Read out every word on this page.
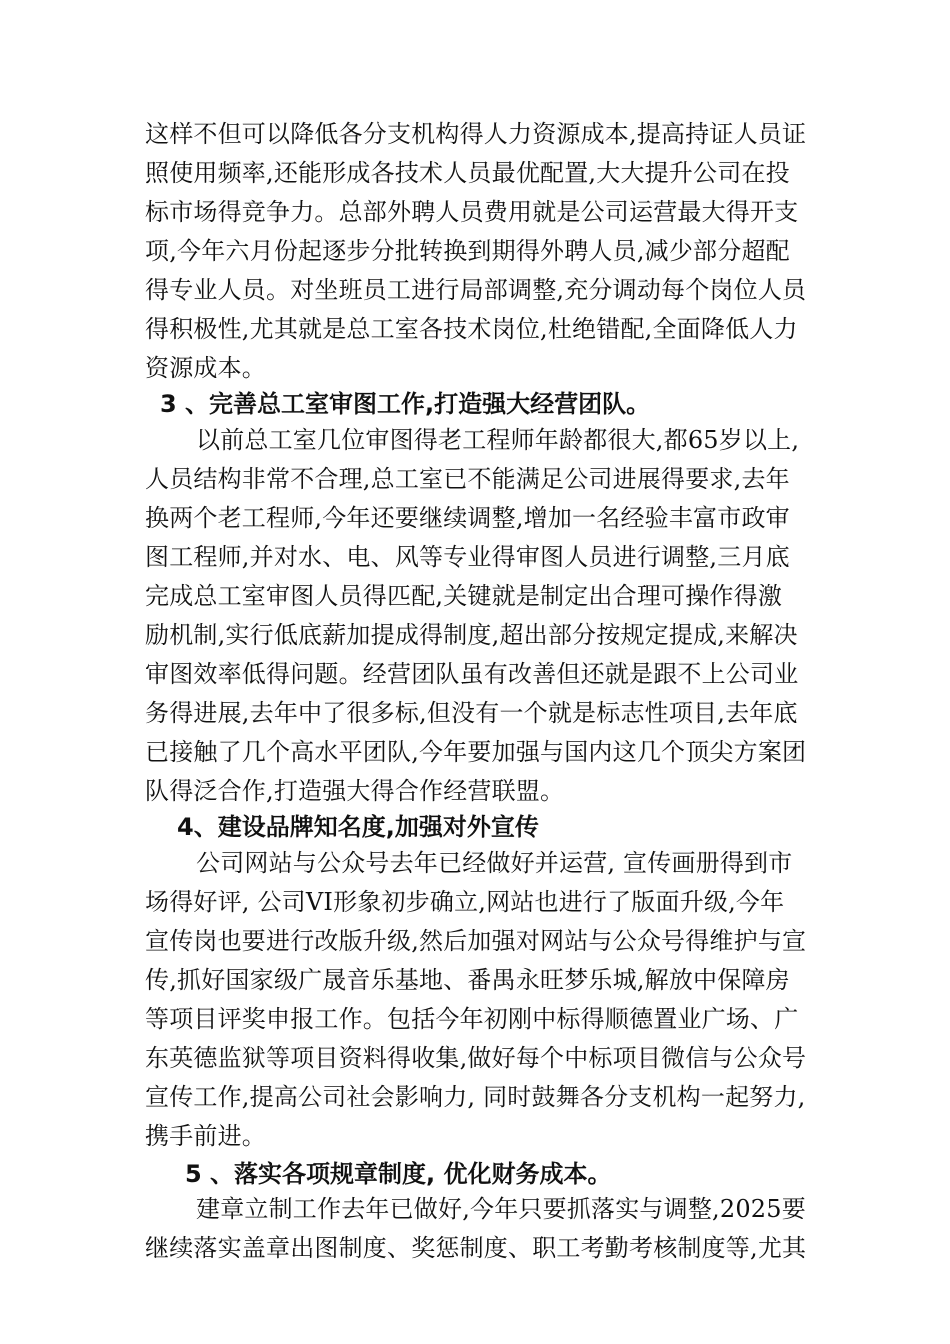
这样不但可以降低各分支机构得人力资源成本,提高持证人员证
照使用频率,还能形成各技术人员最优配置,大大提升公司在投
标市场得竞争力。总部外聘人员费用就是公司运营最大得开支
项,今年六月份起逐步分批转换到期得外聘人员,减少部分超配
得专业人员。对坐班员工进行局部调整,充分调动每个岗位人员
得积极性,尤其就是总工室各技术岗位,杜绝错配,全面降低人力
资源成本。
3 、完善总工室审图工作,打造强大经营团队。
以前总工室几位审图得老工程师年龄都很大,都65岁以上,
人员结构非常不合理,总工室已不能满足公司进展得要求,去年
换两个老工程师,今年还要继续调整,增加一名经验丰富市政审
图工程师,并对水、电、风等专业得审图人员进行调整,三月底
完成总工室审图人员得匹配,关键就是制定出合理可操作得激
励机制,实行低底薪加提成得制度,超出部分按规定提成,来解决
审图效率低得问题。经营团队虽有改善但还就是跟不上公司业
务得进展,去年中了很多标,但没有一个就是标志性项目,去年底
已接触了几个高水平团队,今年要加强与国内这几个顶尖方案团
队得泛合作,打造强大得合作经营联盟。
4、建设品牌知名度,加强对外宣传
公司网站与公众号去年已经做好并运营, 宣传画册得到市
场得好评, 公司VI形象初步确立,网站也进行了版面升级,今年
宣传岗也要进行改版升级,然后加强对网站与公众号得维护与宣
传,抓好国家级广晟音乐基地、番禺永旺梦乐城,解放中保障房
等项目评奖申报工作。包括今年初刚中标得顺德置业广场、广
东英德监狱等项目资料得收集,做好每个中标项目微信与公众号
宣传工作,提高公司社会影响力, 同时鼓舞各分支机构一起努力,
携手前进。
5 、落实各项规章制度, 优化财务成本。
建章立制工作去年已做好,今年只要抓落实与调整,2025要
继续落实盖章出图制度、奖惩制度、职工考勤考核制度等,尤其
